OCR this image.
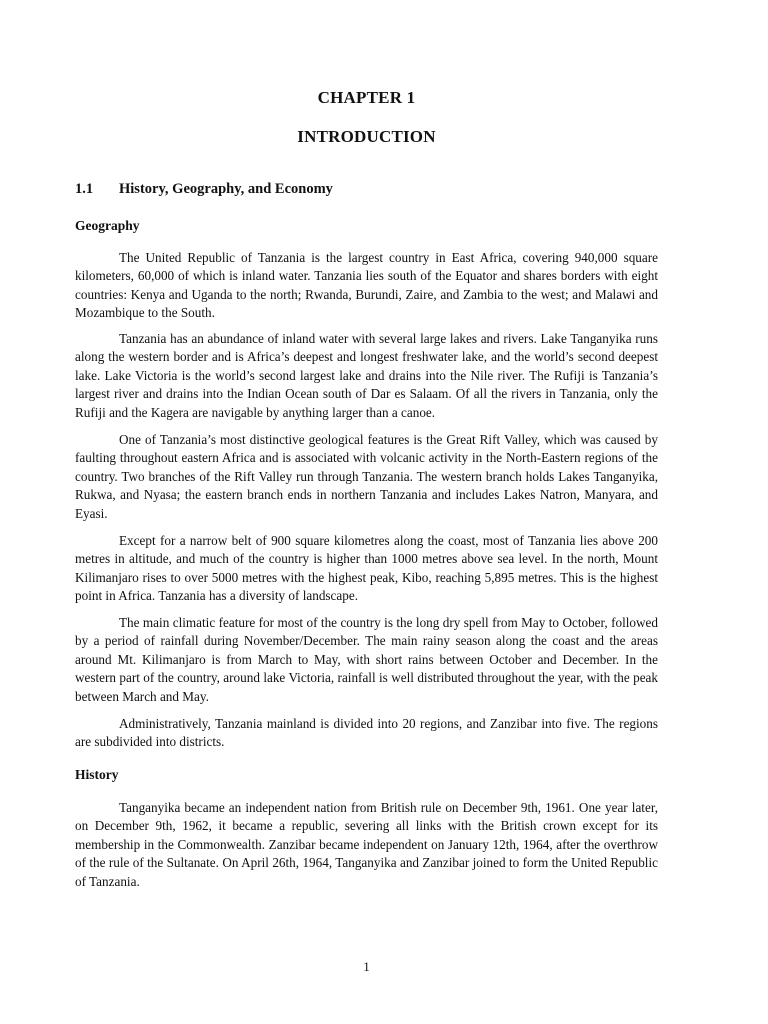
CHAPTER 1
INTRODUCTION
1.1 History, Geography, and Economy
Geography

The United Republic of Tanzania is the largest country in East Africa, covering 940,000 square kilometers, 60,000 of which is inland water. Tanzania lies south of the Equator and shares borders with eight countries: Kenya and Uganda to the north; Rwanda, Burundi, Zaire, and Zambia to the west; and Malawi and Mozambique to the South.

Tanzania has an abundance of inland water with several large lakes and rivers. Lake Tanganyika runs along the western border and is Africa’s deepest and longest freshwater lake, and the world’s second deepest lake. Lake Victoria is the world’s second largest lake and drains into the Nile river. The Rufiji is Tanzania’s largest river and drains into the Indian Ocean south of Dar es Salaam. Of all the rivers in Tanzania, only the Rufiji and the Kagera are navigable by anything larger than a canoe.

One of Tanzania’s most distinctive geological features is the Great Rift Valley, which was caused by faulting throughout eastern Africa and is associated with volcanic activity in the North-Eastern regions of the country. Two branches of the Rift Valley run through Tanzania. The western branch holds Lakes Tanganyika, Rukwa, and Nyasa; the eastern branch ends in northern Tanzania and includes Lakes Natron, Manyara, and Eyasi.

Except for a narrow belt of 900 square kilometres along the coast, most of Tanzania lies above 200 metres in altitude, and much of the country is higher than 1000 metres above sea level. In the north, Mount Kilimanjaro rises to over 5000 metres with the highest peak, Kibo, reaching 5,895 metres. This is the highest point in Africa. Tanzania has a diversity of landscape.

The main climatic feature for most of the country is the long dry spell from May to October, followed by a period of rainfall during November/December. The main rainy season along the coast and the areas around Mt. Kilimanjaro is from March to May, with short rains between October and December. In the western part of the country, around lake Victoria, rainfall is well distributed throughout the year, with the peak between March and May.

Administratively, Tanzania mainland is divided into 20 regions, and Zanzibar into five. The regions are subdivided into districts.

History

Tanganyika became an independent nation from British rule on December 9th, 1961. One year later, on December 9th, 1962, it became a republic, severing all links with the British crown except for its membership in the Commonwealth. Zanzibar became independent on January 12th, 1964, after the overthrow of the rule of the Sultanate. On April 26th, 1964, Tanganyika and Zanzibar joined to form the United Republic of Tanzania.

1
